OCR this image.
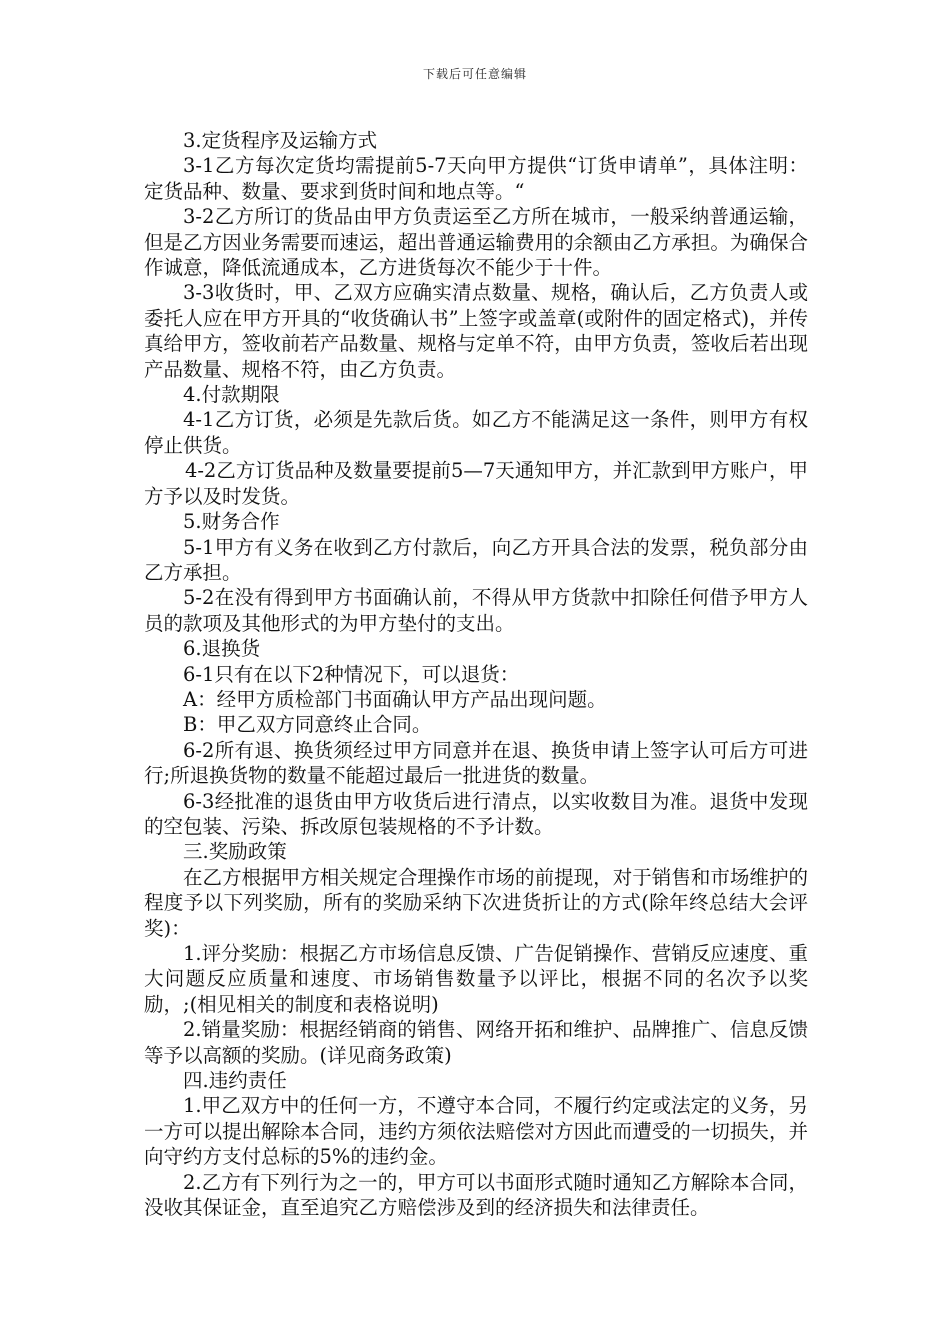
下载后可任意编辑

3.定货程序及运输方式

3-1乙方每次定货均需提前5-7天向甲方提供“订货申请单”，具体注明：定货品种、数量、要求到货时间和地点等。“

3-2乙方所订的货品由甲方负责运至乙方所在城市，一般采纳普通运输，但是乙方因业务需要而速运，超出普通运输费用的余额由乙方承担。为确保合作诚意，降低流通成本，乙方进货每次不能少于十件。

3-3收货时，甲、乙双方应确实清点数量、规格，确认后，乙方负责人或委托人应在甲方开具的“收货确认书”上签字或盖章(或附件的固定格式)，并传真给甲方，签收前若产品数量、规格与定单不符，由甲方负责，签收后若出现产品数量、规格不符，由乙方负责。

4.付款期限

4-1乙方订货，必须是先款后货。如乙方不能满足这一条件，则甲方有权停止供货。

4-2乙方订货品种及数量要提前5—7天通知甲方，并汇款到甲方账户，甲方予以及时发货。

5.财务合作

5-1甲方有义务在收到乙方付款后，向乙方开具合法的发票，税负部分由乙方承担。

5-2在没有得到甲方书面确认前，不得从甲方货款中扣除任何借予甲方人员的款项及其他形式的为甲方垫付的支出。

6.退换货

6-1只有在以下2种情况下，可以退货：

A：经甲方质检部门书面确认甲方产品出现问题。

B：甲乙双方同意终止合同。

6-2所有退、换货须经过甲方同意并在退、换货申请上签字认可后方可进行;所退换货物的数量不能超过最后一批进货的数量。

6-3经批准的退货由甲方收货后进行清点，以实收数目为准。退货中发现的空包装、污染、拆改原包装规格的不予计数。

三.奖励政策

在乙方根据甲方相关规定合理操作市场的前提现，对于销售和市场维护的程度予以下列奖励，所有的奖励采纳下次进货折让的方式(除年终总结大会评奖)：

1.评分奖励：根据乙方市场信息反馈、广告促销操作、营销反应速度、重大问题反应质量和速度、市场销售数量予以评比，根据不同的名次予以奖励，;(相见相关的制度和表格说明)

2.销量奖励：根据经销商的销售、网络开拓和维护、品牌推广、信息反馈等予以高额的奖励。(详见商务政策)

四.违约责任

1.甲乙双方中的任何一方，不遵守本合同，不履行约定或法定的义务，另一方可以提出解除本合同，违约方须依法赔偿对方因此而遭受的一切损失，并向守约方支付总标的5%的违约金。

2.乙方有下列行为之一的，甲方可以书面形式随时通知乙方解除本合同，没收其保证金，直至追究乙方赔偿涉及到的经济损失和法律责任。
